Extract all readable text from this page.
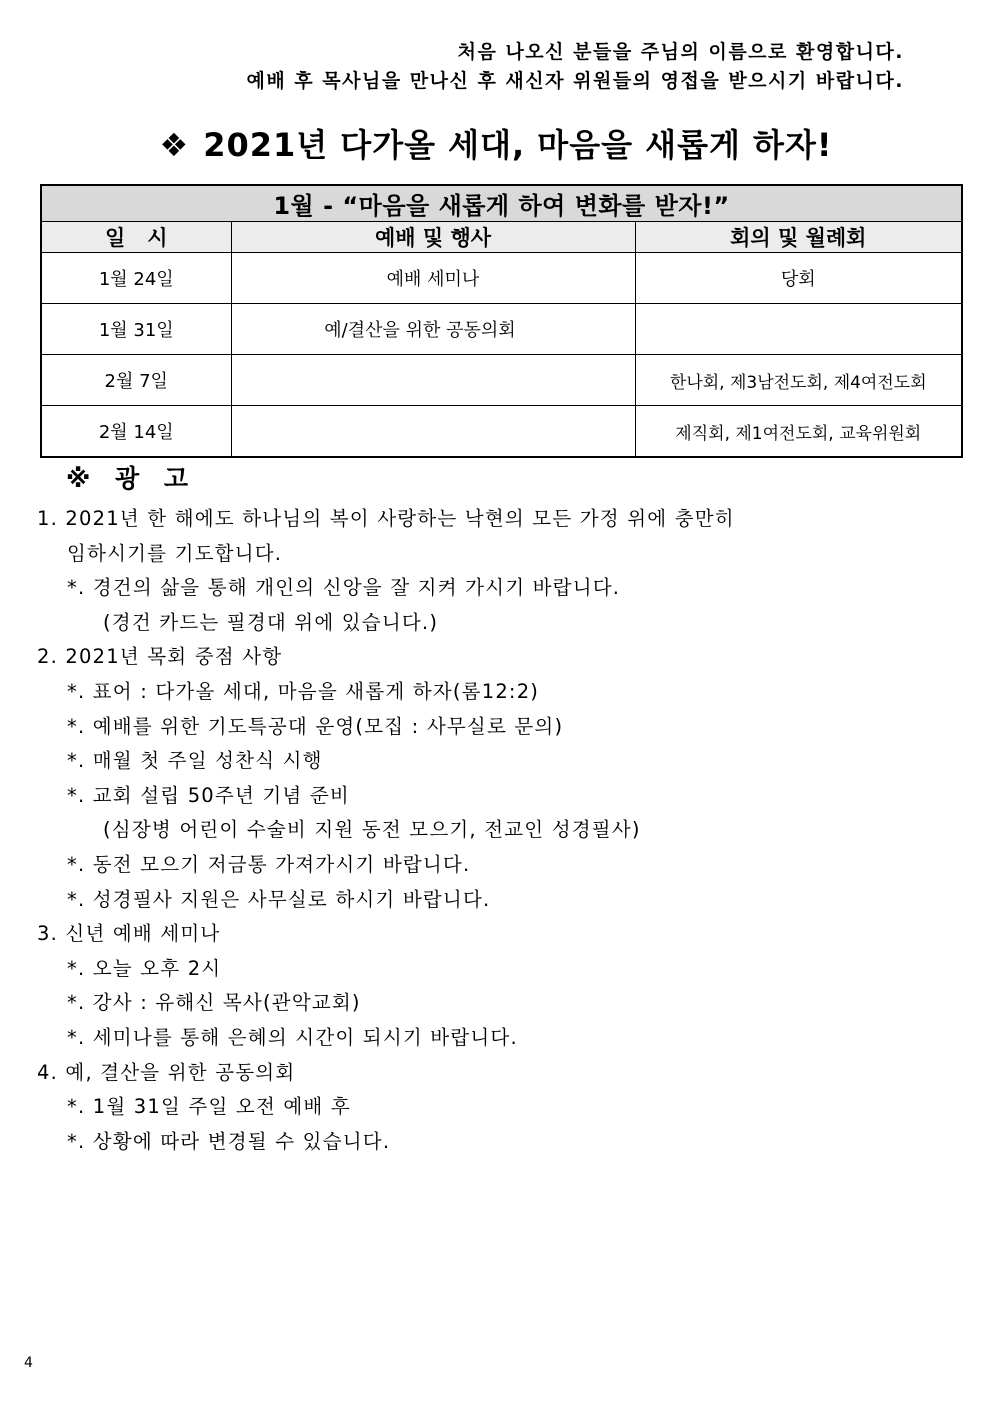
처음 나오신 분들을 주님의 이름으로 환영합니다.
예배 후 목사님을 만나신 후 새신자 위원들의 영접을 받으시기 바랍니다.
❖ 2021년 다가올 세대, 마음을 새롭게 하자!
1월 - “마음을 새롭게 하여 변화를 받자!”		
일   시	예배 및 행사	회의 및 월례회
1월 24일	예배 세미나	당회
1월 31일	예/결산을 위한 공동의회	
2월 7일		한나회, 제3남전도회, 제4여전도회
2월 14일		제직회, 제1여전도회, 교육위원회
※ 광 고
1. 2021년 한 해에도 하나님의 복이 사랑하는 낙현의 모든 가정 위에 충만히
임하시기를 기도합니다.
*. 경건의 삶을 통해 개인의 신앙을 잘 지켜 가시기 바랍니다.
(경건 카드는 필경대 위에 있습니다.)
2. 2021년 목회 중점 사항
*. 표어 : 다가올 세대, 마음을 새롭게 하자(롬12:2)
*. 예배를 위한 기도특공대 운영(모집 : 사무실로 문의)
*. 매월 첫 주일 성찬식 시행
*. 교회 설립 50주년 기념 준비
(심장병 어린이 수술비 지원 동전 모으기, 전교인 성경필사)
*. 동전 모으기 저금통 가져가시기 바랍니다.
*. 성경필사 지원은 사무실로 하시기 바랍니다.
3. 신년 예배 세미나
*. 오늘 오후 2시
*. 강사 : 유해신 목사(관악교회)
*. 세미나를 통해 은혜의 시간이 되시기 바랍니다.
4. 예, 결산을 위한 공동의회
*. 1월 31일 주일 오전 예배 후
*. 상황에 따라 변경될 수 있습니다.
4
